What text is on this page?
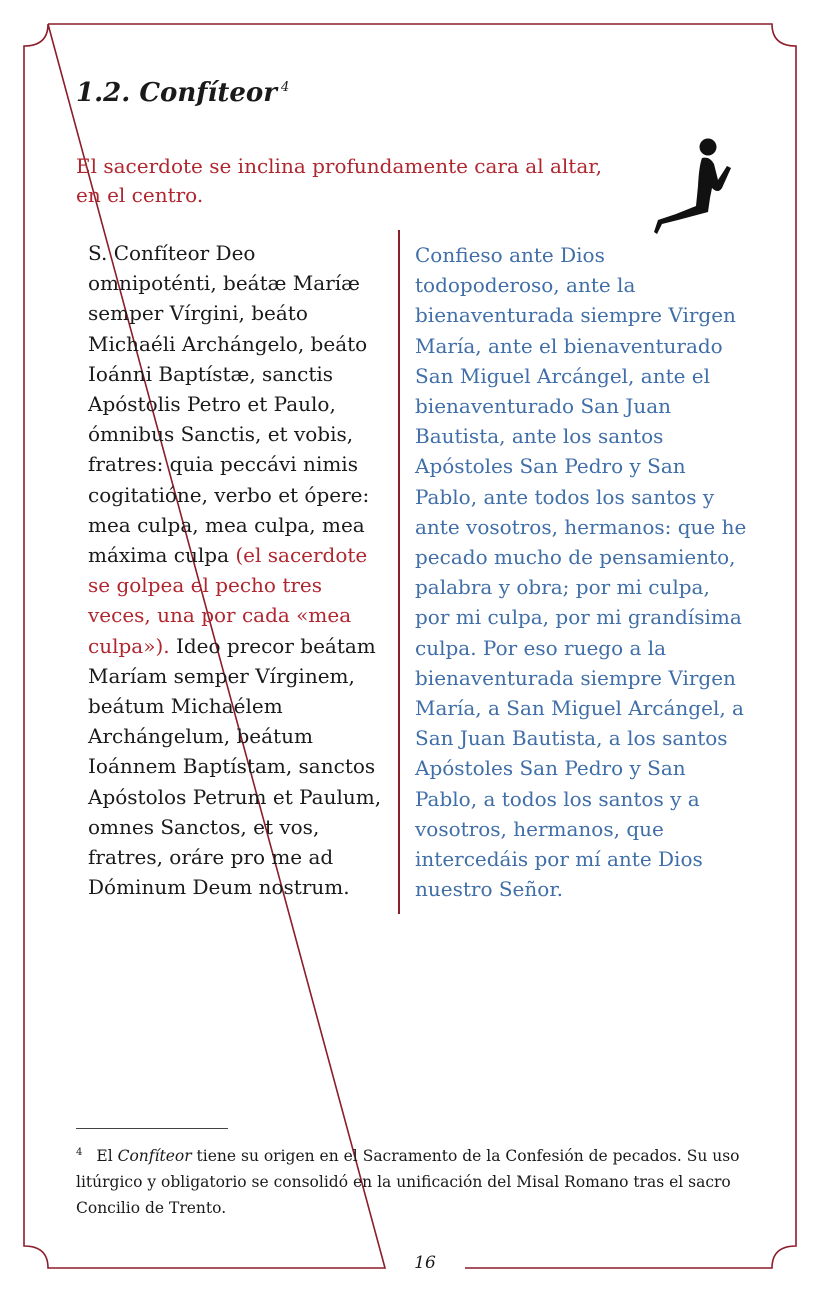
1.2. Confíteor $^4$
El sacerdote se inclina profundamente cara al altar, en el centro.
S. Confíteor Deo omnipoténti, beátæ Maríæ semper Vírgini, beáto Michaéli Archángelo, beáto Ioánni Baptístæ, sanctis Apóstolis Petro et Paulo, ómnibus Sanctis, et vobis, fratres: quia peccávi nimis cogitatióne, verbo et ópere: mea culpa, mea culpa, mea máxima culpa (el sacerdote se golpea el pecho tres veces, una por cada «mea culpa»). Ideo precor beátam Maríam semper Vírginem, beátum Michaélem Archángelum, beátum Ioánnem Baptístam, sanctos Apóstolos Petrum et Paulum, omnes Sanctos, et vos, fratres, oráre pro me ad Dóminum Deum nostrum.
Confieso ante Dios todopoderoso, ante la bienaventurada siempre Virgen María, ante el bienaventurado San Miguel Arcángel, ante el bienaventurado San Juan Bautista, ante los santos Apóstoles San Pedro y San Pablo, ante todos los santos y ante vosotros, hermanos: que he pecado mucho de pensamiento, palabra y obra; por mi culpa, por mi culpa, por mi grandísima culpa. Por eso ruego a la bienaventurada siempre Virgen María, a San Miguel Arcángel, a San Juan Bautista, a los santos Apóstoles San Pedro y San Pablo, a todos los santos y a vosotros, hermanos, que intercedáis por mí ante Dios nuestro Señor.
$^4$ El Confíteor tiene su origen en el Sacramento de la Confesión de pecados. Su uso litúrgico y obligatorio se consolidó en la unificación del Misal Romano tras el sacro Concilio de Trento.
16
